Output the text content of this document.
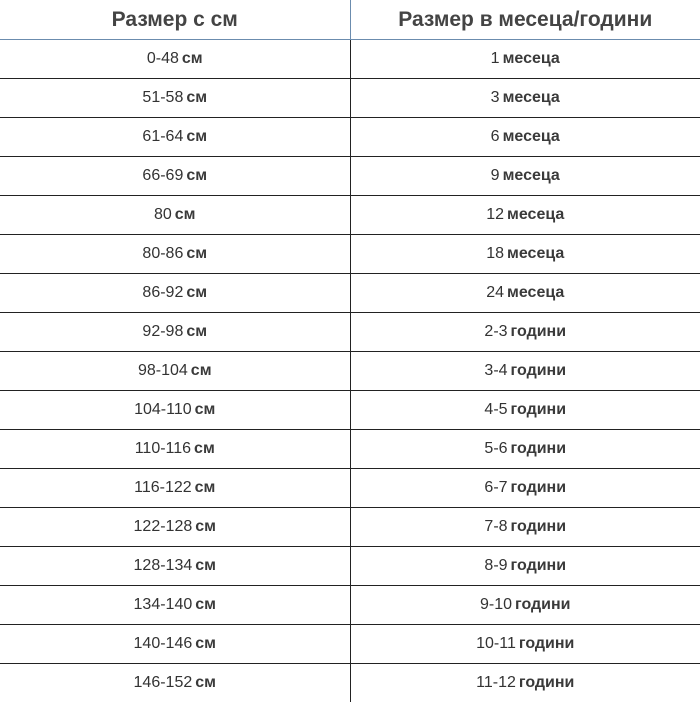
Размер с см	Размер в месеца/години
0-48 см	1 месеца
51-58 см	3 месеца
61-64 см	6 месеца
66-69 см	9 месеца
80 см	12 месеца
80-86 см	18 месеца
86-92 см	24 месеца
92-98 см	2-3 години
98-104 см	3-4 години
104-110 см	4-5 години
110-116 см	5-6 години
116-122 см	6-7 години
122-128 см	7-8 години
128-134 см	8-9 години
134-140 см	9-10 години
140-146 см	10-11 години
146-152 см	11-12 години
